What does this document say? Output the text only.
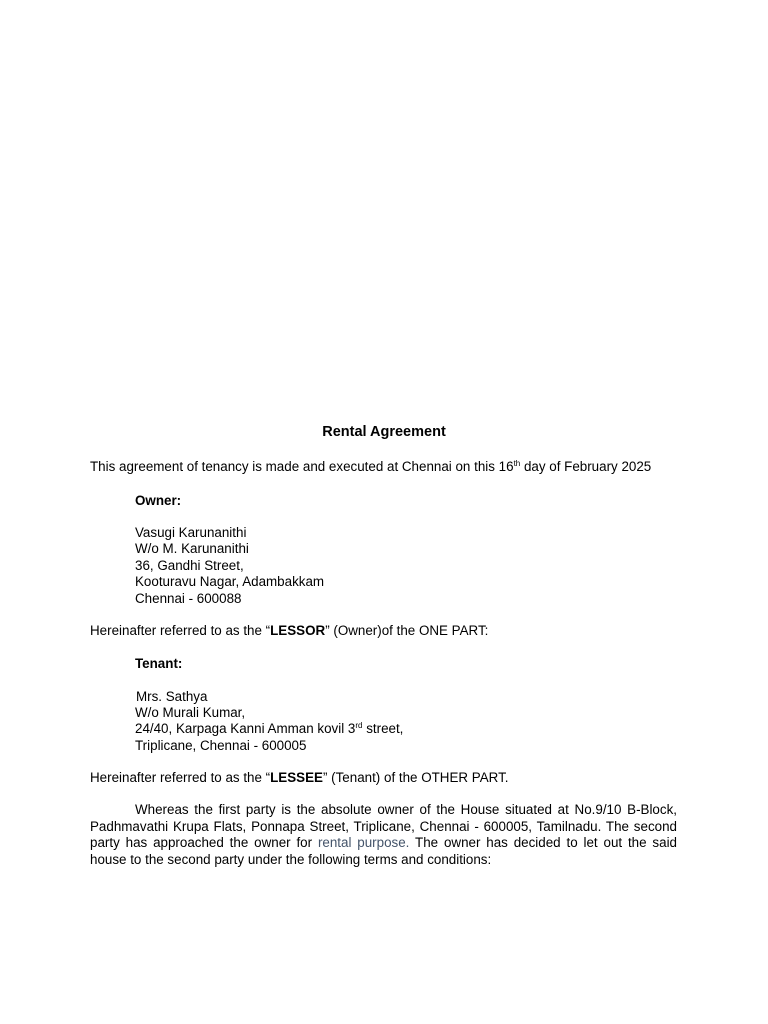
Rental Agreement
This agreement of tenancy is made and executed at Chennai on this 16th day of February 2025
Owner:
Vasugi Karunanithi
W/o M. Karunanithi
36, Gandhi Street,
Kooturavu Nagar, Adambakkam
Chennai - 600088
Hereinafter referred to as the “LESSOR” (Owner)of the ONE PART:
Tenant:
Mrs. Sathya
W/o Murali Kumar,
24/40, Karpaga Kanni Amman kovil 3rd street,
Triplicane, Chennai - 600005
Hereinafter referred to as the “LESSEE” (Tenant) of the OTHER PART.
Whereas the first party is the absolute owner of the House situated at No.9/10 B-Block, Padhmavathi Krupa Flats, Ponnapa Street, Triplicane, Chennai - 600005, Tamilnadu. The second party has approached the owner for rental purpose. The owner has decided to let out the said house to the second party under the following terms and conditions:
